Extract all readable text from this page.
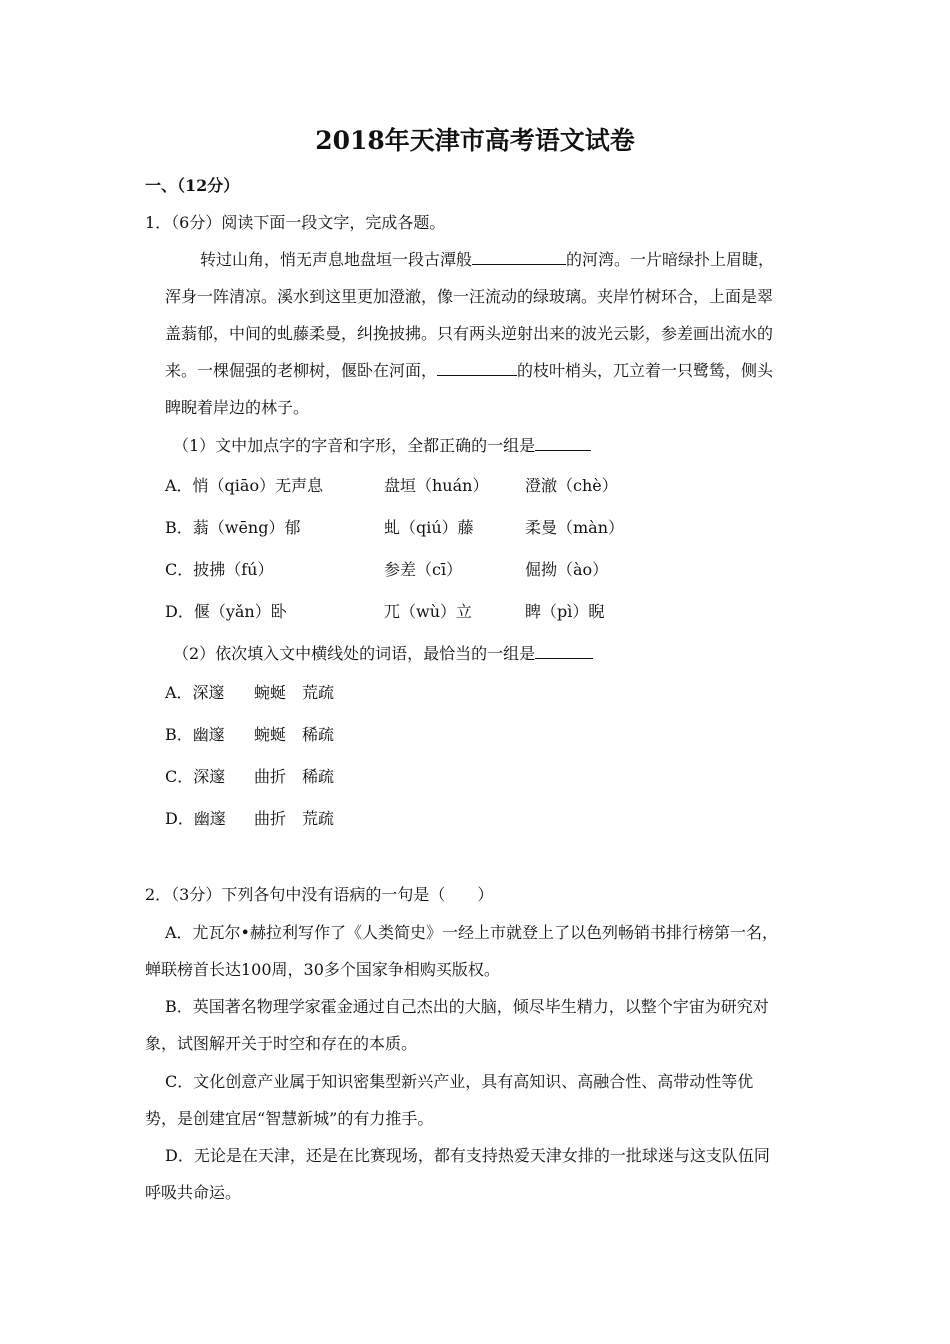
2018年天津市高考语文试卷
一、（12分）
1．（6分）阅读下面一段文字，完成各题。
转过山角，悄无声息地盘垣一段古潭般	的河湾。一片暗绿扑上眉睫，
浑身一阵清凉。溪水到这里更加澄澈，像一汪流动的绿玻璃。夹岸竹树环合，上面是翠
盖蓊郁，中间的虬藤柔曼，纠挽披拂。只有两头逆射出来的波光云影，参差画出流水的
来。一棵倔强的老柳树，偃卧在河面，	的枝叶梢头，兀立着一只鹭鸶，侧头
睥睨着岸边的林子。
（1）文中加点字的字音和字形，全都正确的一组是
A．悄（qiāo）无声息	盘垣（huán） 澄澈（chè）
B．蓊（wēng）郁	虬（qiú）藤	柔曼（màn）
C．披拂（fú）	参差（cī）	倔拗（ào）
D．偃（yǎn）卧	兀（wù）立	睥（pì）睨
（2）依次填入文中横线处的词语，最恰当的一组是
A．深邃 蜿蜒 荒疏
B．幽邃 蜿蜒 稀疏
C．深邃 曲折 稀疏
D．幽邃 曲折 荒疏
2．（3分）下列各句中没有语病的一句是（　　）
A．尤瓦尔•赫拉利写作了《人类简史》一经上市就登上了以色列畅销书排行榜第一名，
蝉联榜首长达100周，30多个国家争相购买版权。
B．英国著名物理学家霍金通过自己杰出的大脑，倾尽毕生精力，以整个宇宙为研究对
象，试图解开关于时空和存在的本质。
C．文化创意产业属于知识密集型新兴产业，具有高知识、高融合性、高带动性等优
势，是创建宜居“智慧新城”的有力推手。
D．无论是在天津，还是在比赛现场，都有支持热爱天津女排的一批球迷与这支队伍同
呼吸共命运。
